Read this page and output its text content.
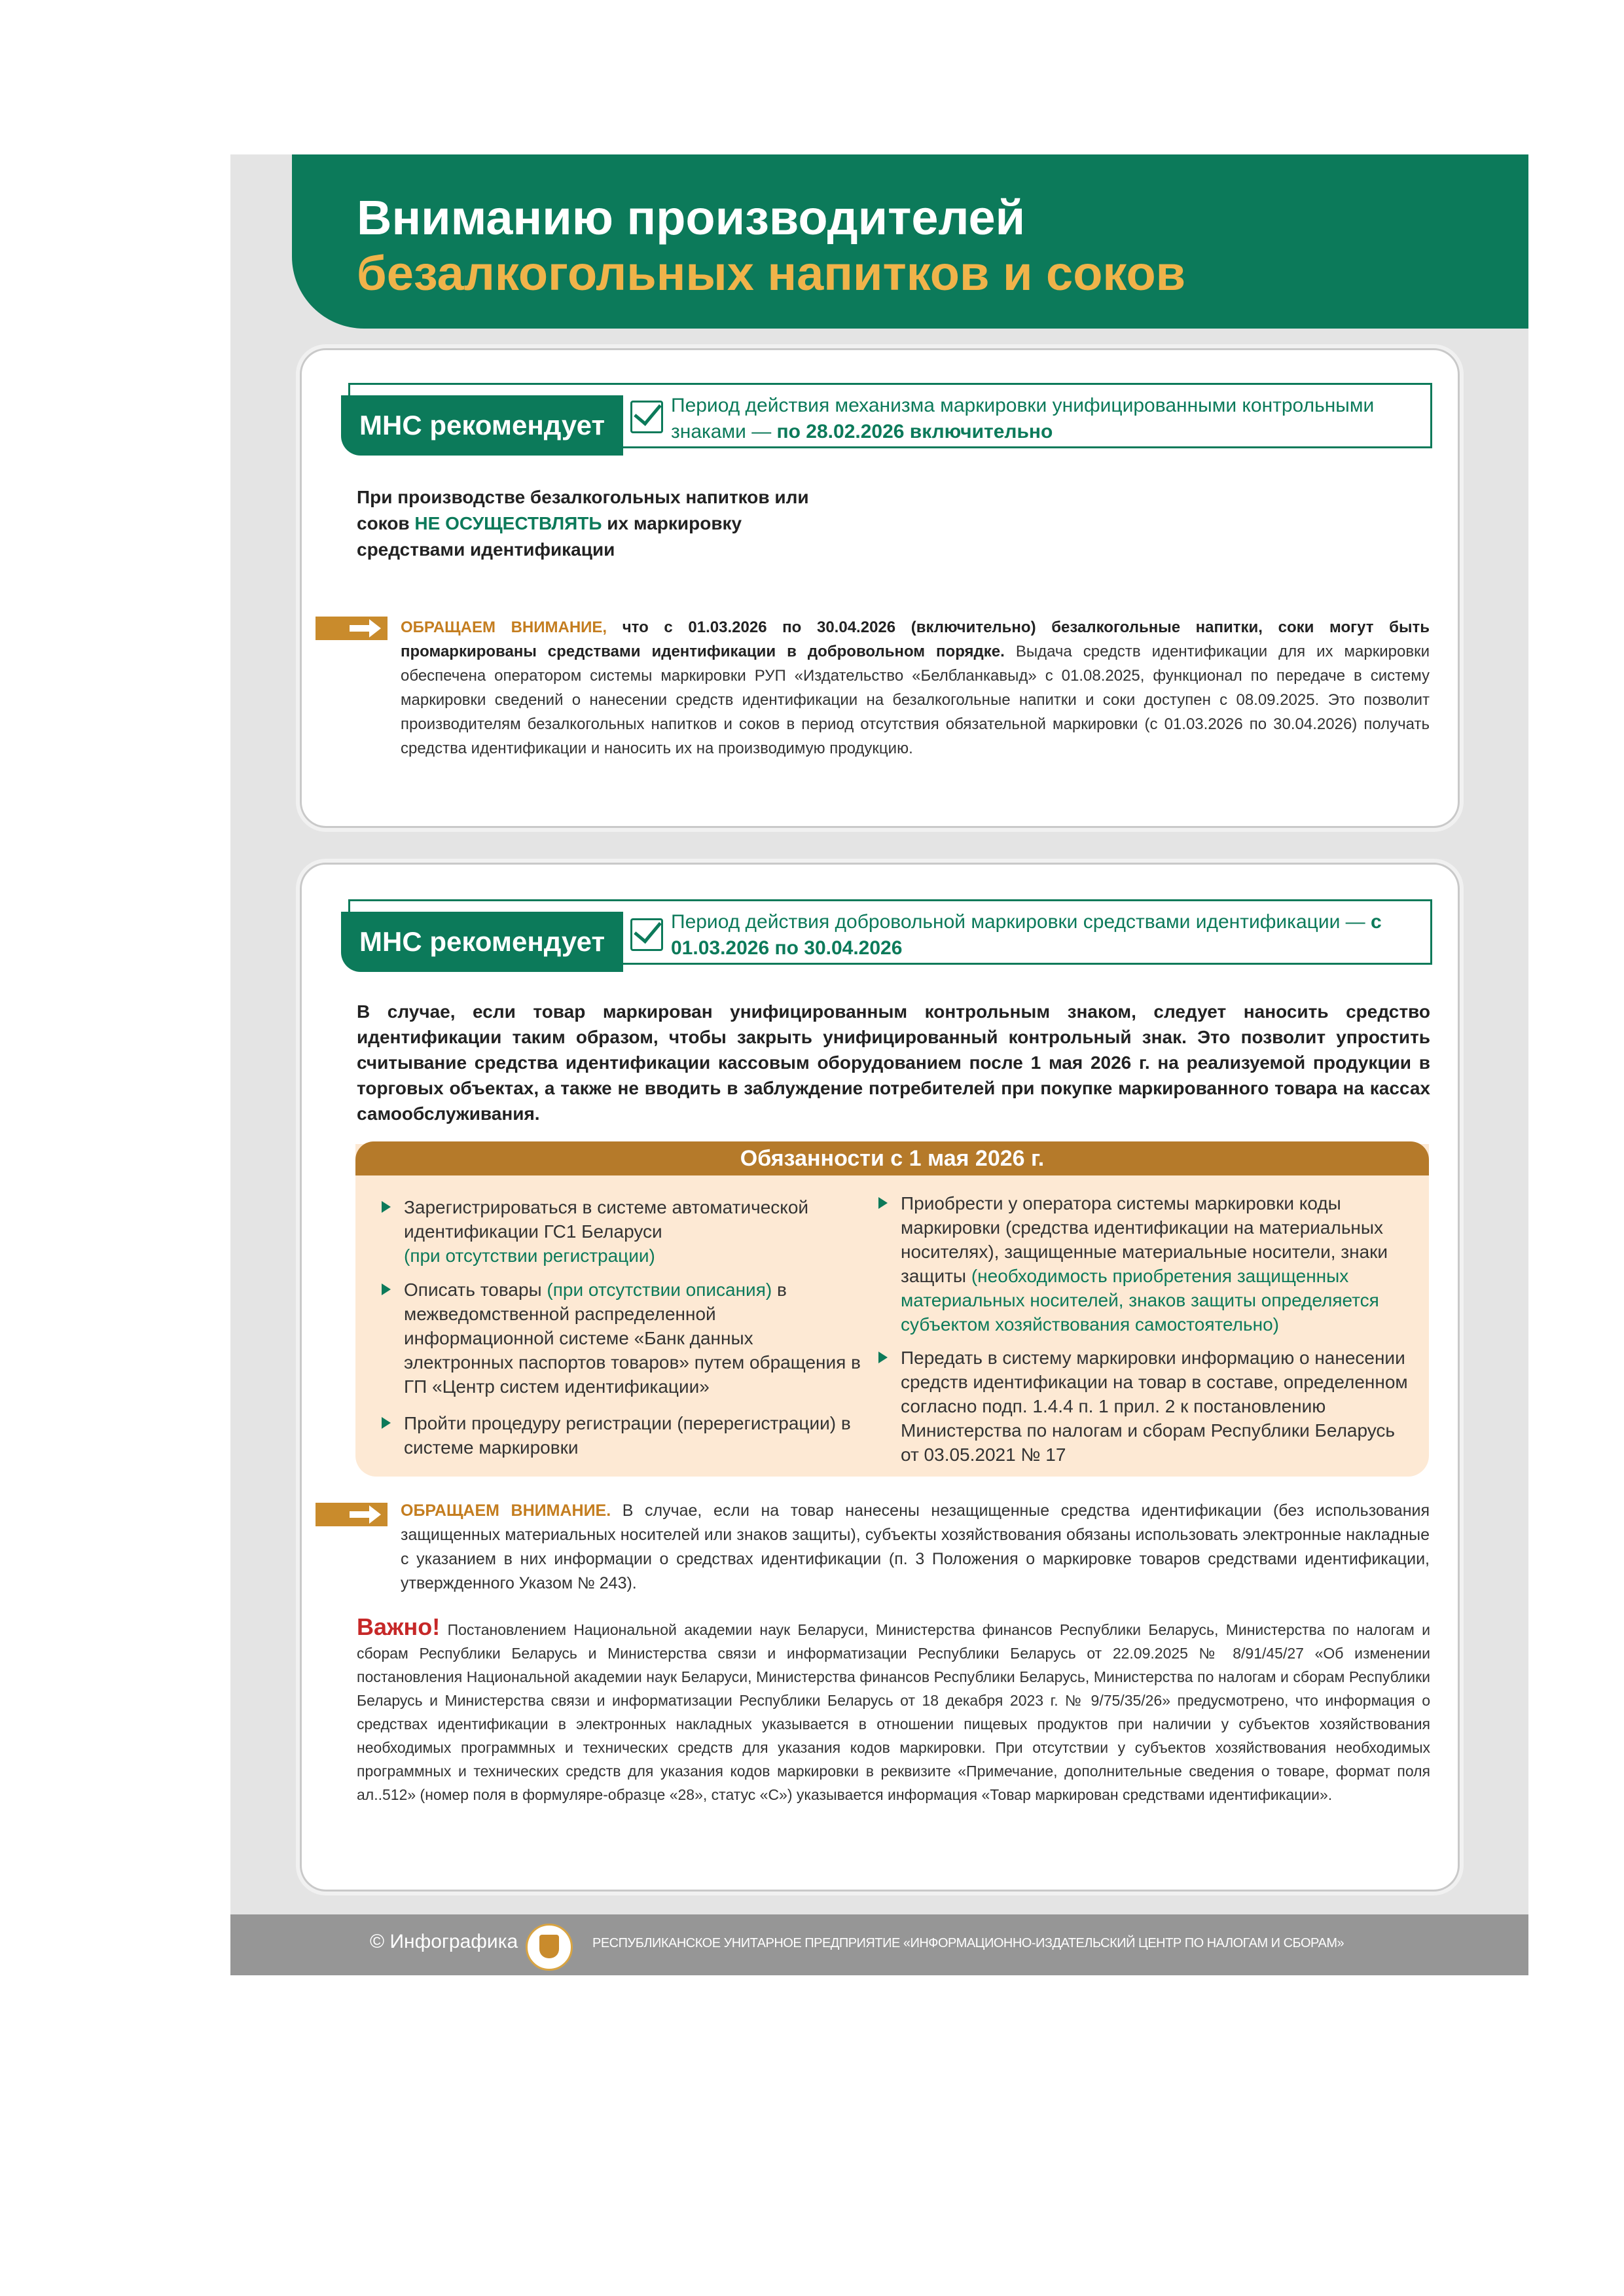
Вниманию производителей
безалкогольных напитков и соков
МНС рекомендует
Период действия механизма маркировки унифицированными контрольными знаками — по 28.02.2026 включительно
При производстве безалкогольных напитков или соков НЕ ОСУЩЕСТВЛЯТЬ их маркировку средствами идентификации
ОБРАЩАЕМ ВНИМАНИЕ, что с 01.03.2026 по 30.04.2026 (включительно) безалкогольные напитки, соки могут быть промаркированы средствами идентификации в добровольном порядке. Выдача средств идентификации для их маркировки обеспечена оператором системы маркировки РУП «Издательство «Белбланкавыд» с 01.08.2025, функционал по передаче в систему маркировки сведений о нанесении средств идентификации на безалкогольные напитки и соки доступен с 08.09.2025. Это позволит производителям безалкогольных напитков и соков в период отсутствия обязательной маркировки (с 01.03.2026 по 30.04.2026) получать средства идентификации и наносить их на производимую продукцию.
МНС рекомендует
Период действия добровольной маркировки средствами идентификации — с 01.03.2026 по 30.04.2026
В случае, если товар маркирован унифицированным контрольным знаком, следует наносить средство идентификации таким образом, чтобы закрыть унифицированный контрольный знак. Это позволит упростить считывание средства идентификации кассовым оборудованием после 1 мая 2026 г. на реализуемой продукции в торговых объектах, а также не вводить в заблуждение потребителей при покупке маркированного товара на кассах самообслуживания.
Обязанности с 1 мая 2026 г.
Зарегистрироваться в системе автоматической идентификации ГС1 Беларуси
(при отсутствии регистрации)
Описать товары (при отсутствии описания) в межведомственной распределенной информационной системе «Банк данных электронных паспортов товаров» путем обращения в ГП «Центр систем идентификации»
Пройти процедуру регистрации (перерегистрации) в системе маркировки
Приобрести у оператора системы маркировки коды маркировки (средства идентификации на материальных носителях), защищенные материальные носители, знаки защиты (необходимость приобретения защищенных материальных носителей, знаков защиты определяется субъектом хозяйствования самостоятельно)
Передать в систему маркировки информацию о нанесении средств идентификации на товар в составе, определенном согласно подп. 1.4.4 п. 1 прил. 2 к постановлению Министерства по налогам и сборам Республики Беларусь от 03.05.2021 № 17
ОБРАЩАЕМ ВНИМАНИЕ. В случае, если на товар нанесены незащищенные средства идентификации (без использования защищенных материальных носителей или знаков защиты), субъекты хозяйствования обязаны использовать электронные накладные с указанием в них информации о средствах идентификации (п. 3 Положения о маркировке товаров средствами идентификации, утвержденного Указом № 243).
Важно! Постановлением Национальной академии наук Беларуси, Министерства финансов Республики Беларусь, Министерства по налогам и сборам Республики Беларусь и Министерства связи и информатизации Республики Беларусь от 22.09.2025 № 8/91/45/27 «Об изменении постановления Национальной академии наук Беларуси, Министерства финансов Республики Беларусь, Министерства по налогам и сборам Республики Беларусь и Министерства связи и информатизации Республики Беларусь от 18 декабря 2023 г. № 9/75/35/26» предусмотрено, что информация о средствах идентификации в электронных накладных указывается в отношении пищевых продуктов при наличии у субъектов хозяйствования необходимых программных и технических средств для указания кодов маркировки. При отсутствии у субъектов хозяйствования необходимых программных и технических средств для указания кодов маркировки в реквизите «Примечание, дополнительные сведения о товаре, формат поля ал..512» (номер поля в формуляре-образце «28», статус «С») указывается информация «Товар маркирован средствами идентификации».
© Инфографика	РЕСПУБЛИКАНСКОЕ УНИТАРНОЕ ПРЕДПРИЯТИЕ «ИНФОРМАЦИОННО-ИЗДАТЕЛЬСКИЙ ЦЕНТР ПО НАЛОГАМ И СБОРАМ»
